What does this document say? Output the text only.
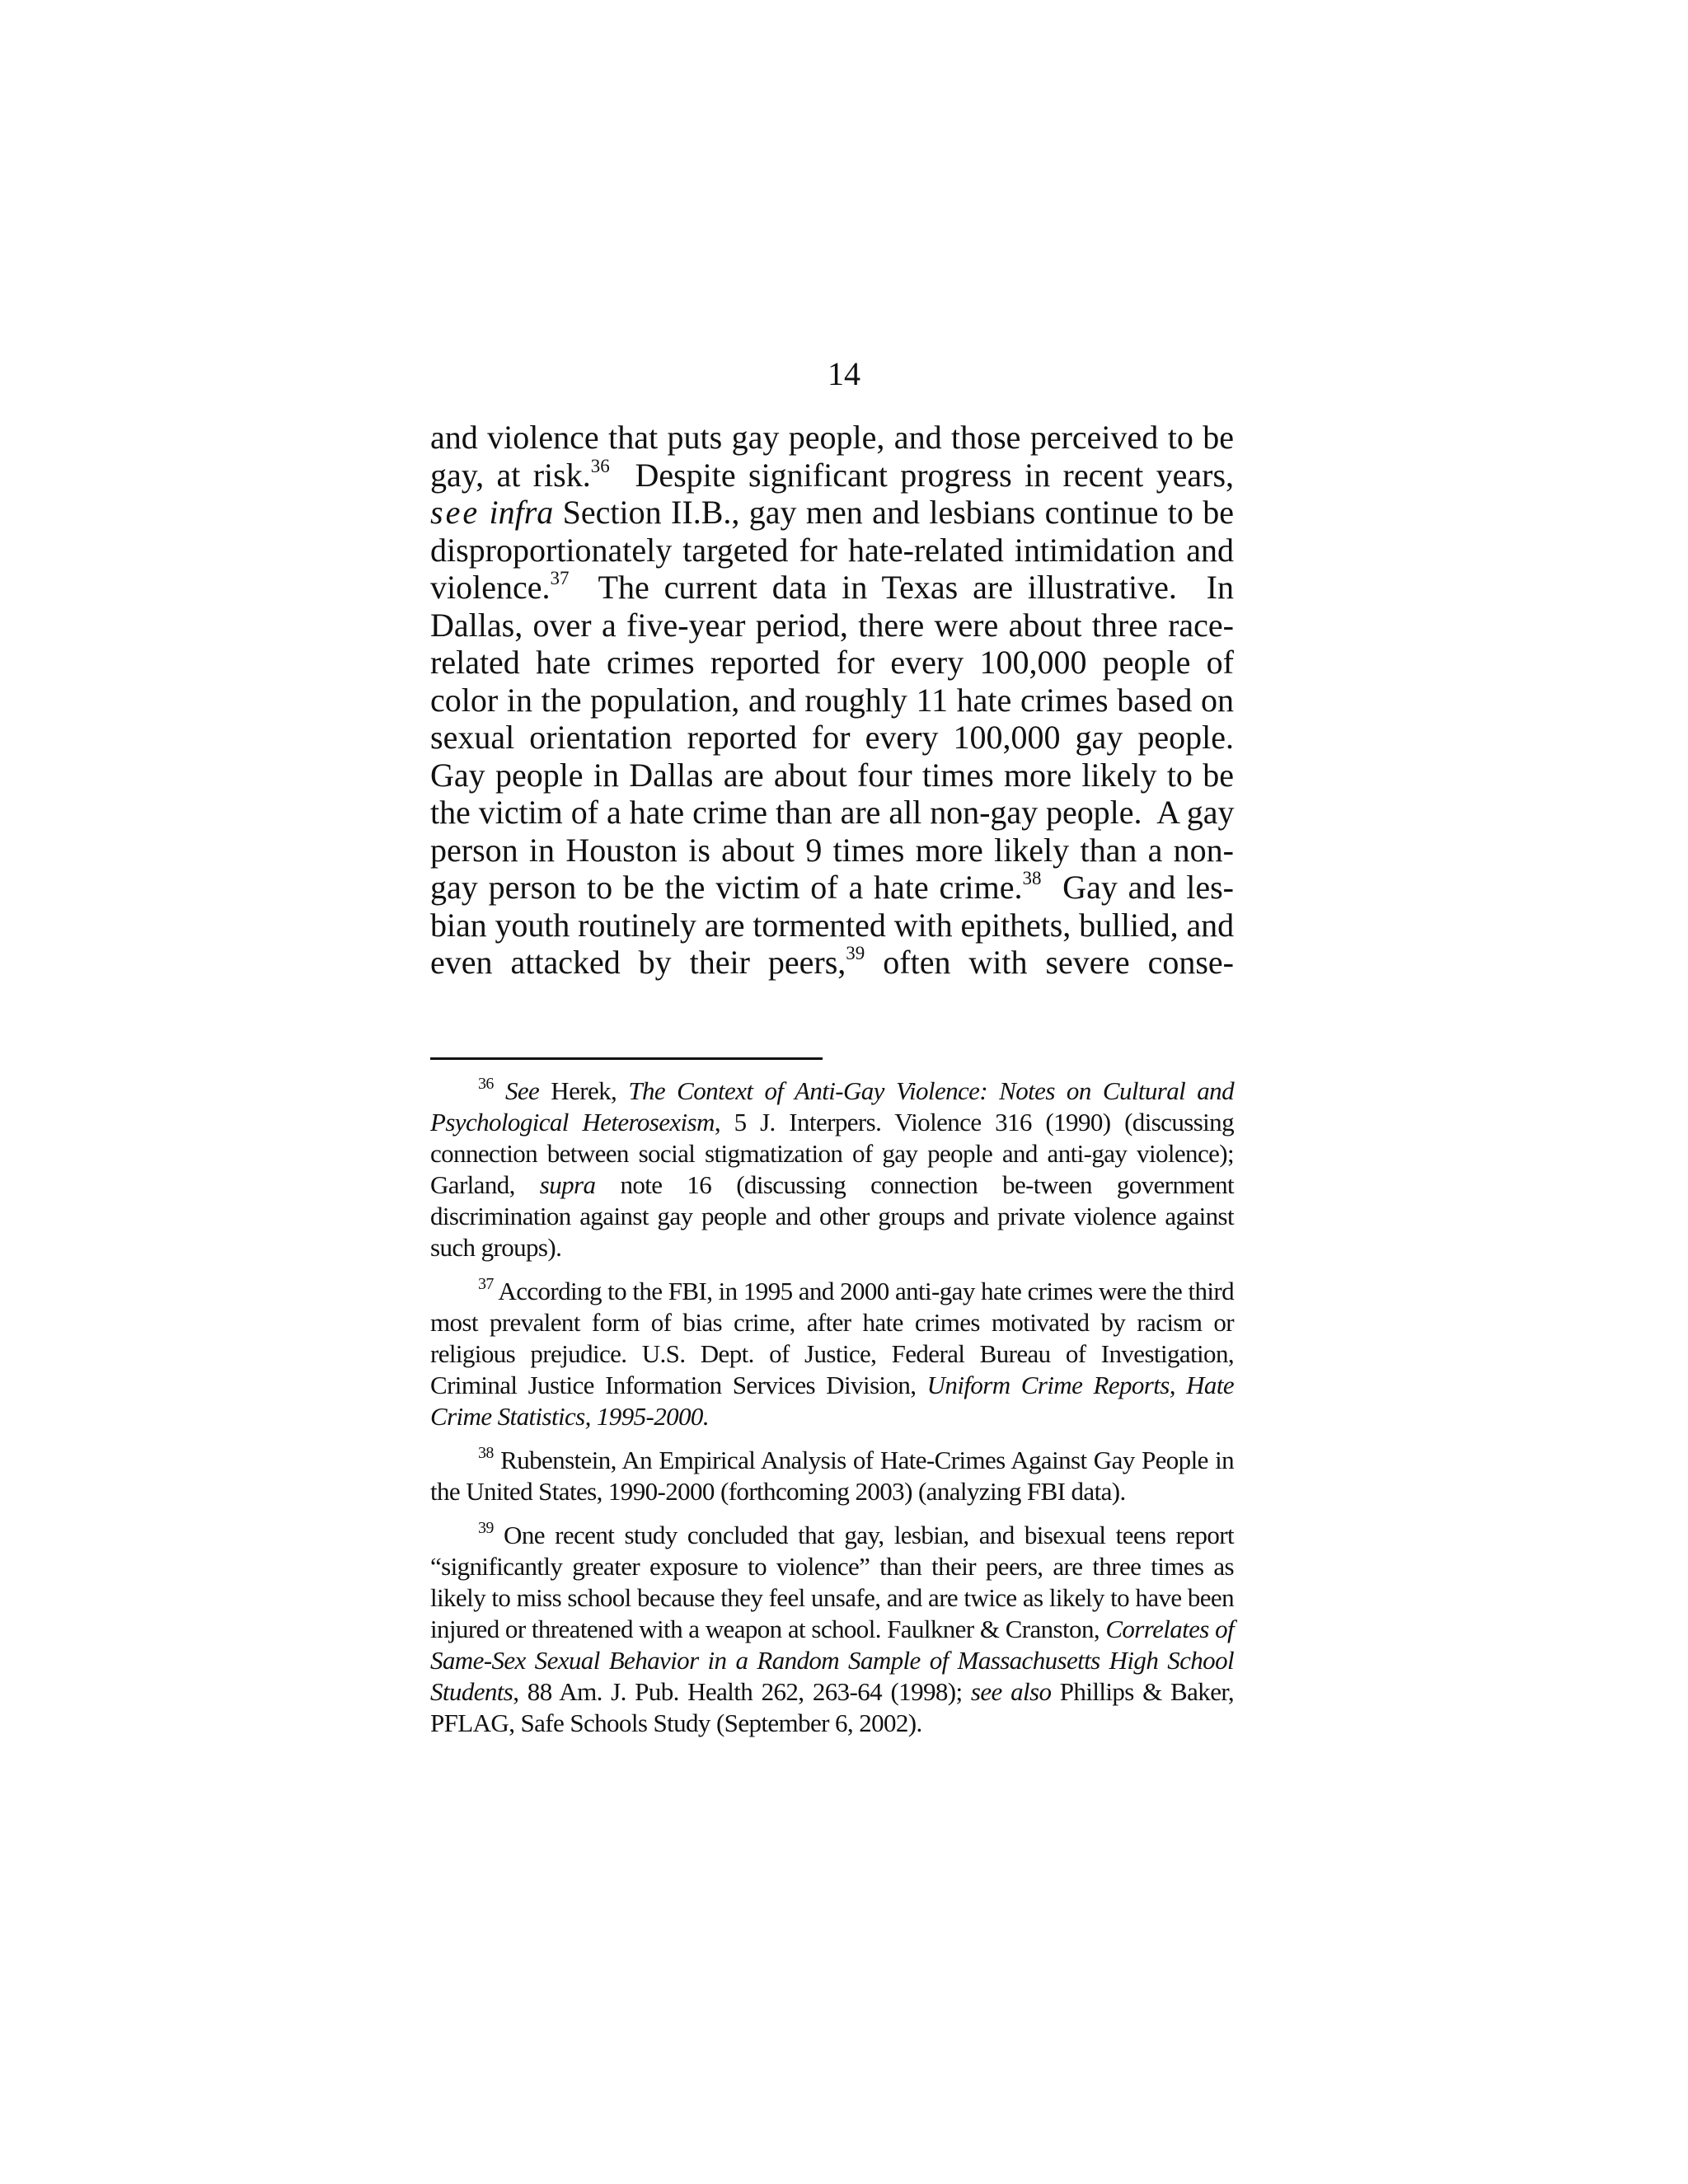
14
and violence that puts gay people, and those perceived to be
gay, at risk.$^{36}$  Despite significant progress in recent years,
see infra Section II.B., gay men and lesbians continue to be
disproportionately targeted for hate-related intimidation and
violence.$^{37}$  The current data in Texas are illustrative.  In
Dallas, over a five-year period, there were about three race-
related hate crimes reported for every 100,000 people of
color in the population, and roughly 11 hate crimes based on
sexual orientation reported for every 100,000 gay people.
Gay people in Dallas are about four times more likely to be
the victim of a hate crime than are all non-gay people.  A gay
person in Houston is about 9 times more likely than a non-
gay person to be the victim of a hate crime.$^{38}$  Gay and les-
bian youth routinely are tormented with epithets, bullied, and
even attacked by their peers,$^{39}$ often with severe conse-

$^{36}$ See Herek, The Context of Anti-Gay Violence: Notes on Cultural and Psychological Heterosexism, 5 J. Interpers. Violence 316 (1990) (discussing connection between social stigmatization of gay people and anti-gay violence); Garland, supra note 16 (discussing connection be-tween government discrimination against gay people and other groups and private violence against such groups).

$^{37}$ According to the FBI, in 1995 and 2000 anti-gay hate crimes were the third most prevalent form of bias crime, after hate crimes motivated by racism or religious prejudice. U.S. Dept. of Justice, Federal Bureau of Investigation, Criminal Justice Information Services Division, Uniform Crime Reports, Hate Crime Statistics, 1995-2000.

$^{38}$ Rubenstein, An Empirical Analysis of Hate-Crimes Against Gay People in the United States, 1990-2000 (forthcoming 2003) (analyzing FBI data).

$^{39}$ One recent study concluded that gay, lesbian, and bisexual teens report “significantly greater exposure to violence” than their peers, are three times as likely to miss school because they feel unsafe, and are twice as likely to have been injured or threatened with a weapon at school. Faulkner & Cranston, Correlates of Same-Sex Sexual Behavior in a Random Sample of Massachusetts High School Students, 88 Am. J. Pub. Health 262, 263-64 (1998); see also Phillips & Baker, PFLAG, Safe Schools Study (September 6, 2002).
